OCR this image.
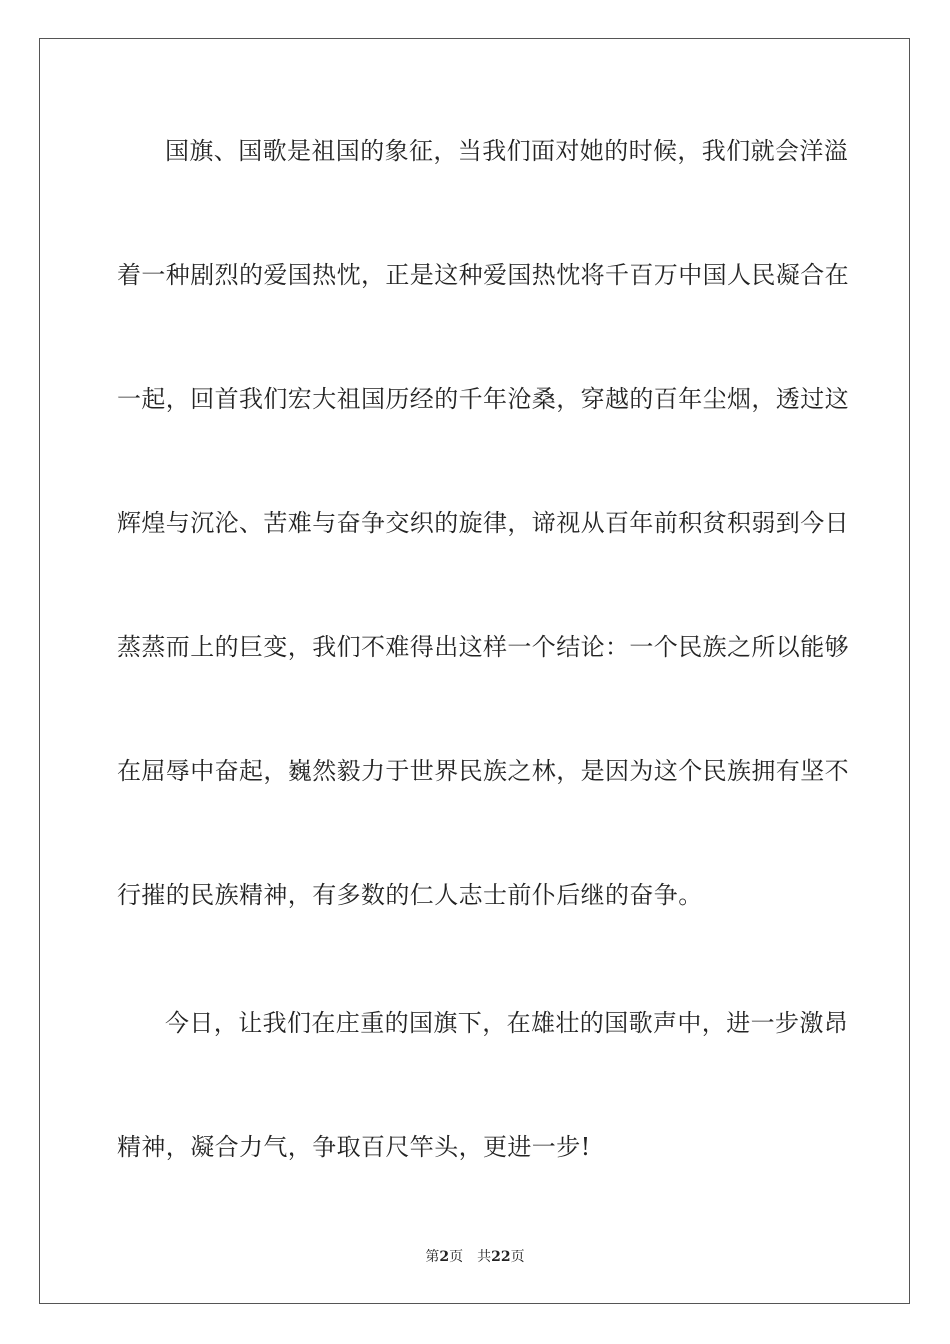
国旗、国歌是祖国的象征，当我们面对她的时候，我们就会洋溢
着一种剧烈的爱国热忱，正是这种爱国热忱将千百万中国人民凝合在
一起，回首我们宏大祖国历经的千年沧桑，穿越的百年尘烟，透过这
辉煌与沉沦、苦难与奋争交织的旋律，谛视从百年前积贫积弱到今日
蒸蒸而上的巨变，我们不难得出这样一个结论：一个民族之所以能够
在屈辱中奋起，巍然毅力于世界民族之林，是因为这个民族拥有坚不
行摧的民族精神，有多数的仁人志士前仆后继的奋争。
今日，让我们在庄重的国旗下，在雄壮的国歌声中，进一步激昂
精神，凝合力气，争取百尺竿头，更进一步!
第2页 共22页
